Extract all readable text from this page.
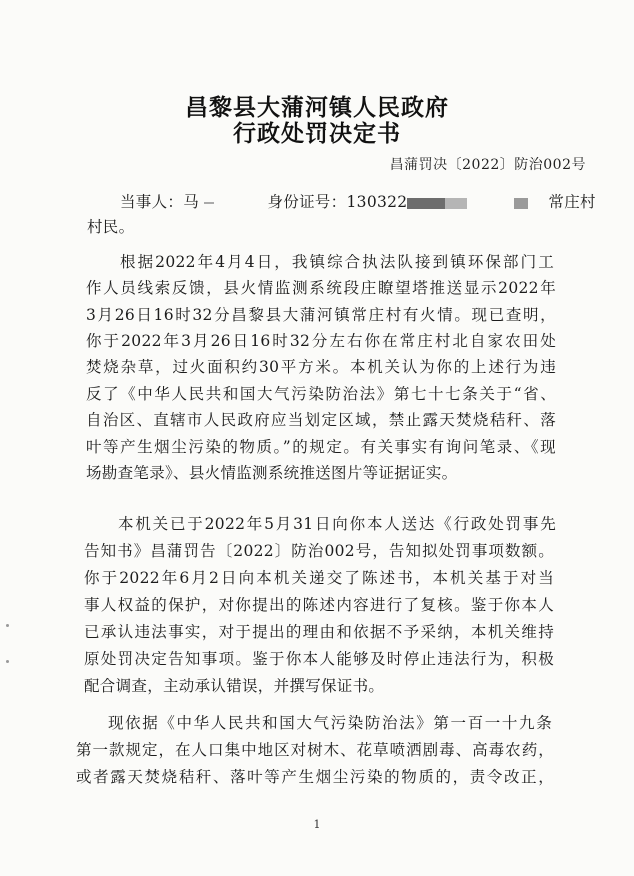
昌黎县大蒲河镇人民政府
行政处罚决定书
昌蒲罚决〔2022〕防治002号
当事人：马	身份证号：130322	常庄村
村民。
根据2022年4月4日，我镇综合执法队接到镇环保部门工
作人员线索反馈，县火情监测系统段庄瞭望塔推送显示2022年
3月26日16时32分昌黎县大蒲河镇常庄村有火情。现已查明，
你于2022年3月26日16时32分左右你在常庄村北自家农田处
焚烧杂草，过火面积约30平方米。本机关认为你的上述行为违
反了《中华人民共和国大气污染防治法》第七十七条关于“省、
自治区、直辖市人民政府应当划定区域，禁止露天焚烧秸秆、落
叶等产生烟尘污染的物质。”的规定。有关事实有询问笔录、《现
场勘查笔录》、县火情监测系统推送图片等证据证实。
本机关已于2022年5月31日向你本人送达《行政处罚事先
告知书》昌蒲罚告〔2022〕防治002号，告知拟处罚事项数额。
你于2022年6月2日向本机关递交了陈述书，本机关基于对当
事人权益的保护，对你提出的陈述内容进行了复核。鉴于你本人
已承认违法事实，对于提出的理由和依据不予采纳，本机关维持
原处罚决定告知事项。鉴于你本人能够及时停止违法行为，积极
配合调查，主动承认错误，并撰写保证书。
现依据《中华人民共和国大气污染防治法》第一百一十九条
第一款规定，在人口集中地区对树木、花草喷洒剧毒、高毒农药，
或者露天焚烧秸秆、落叶等产生烟尘污染的物质的，责令改正，
1
